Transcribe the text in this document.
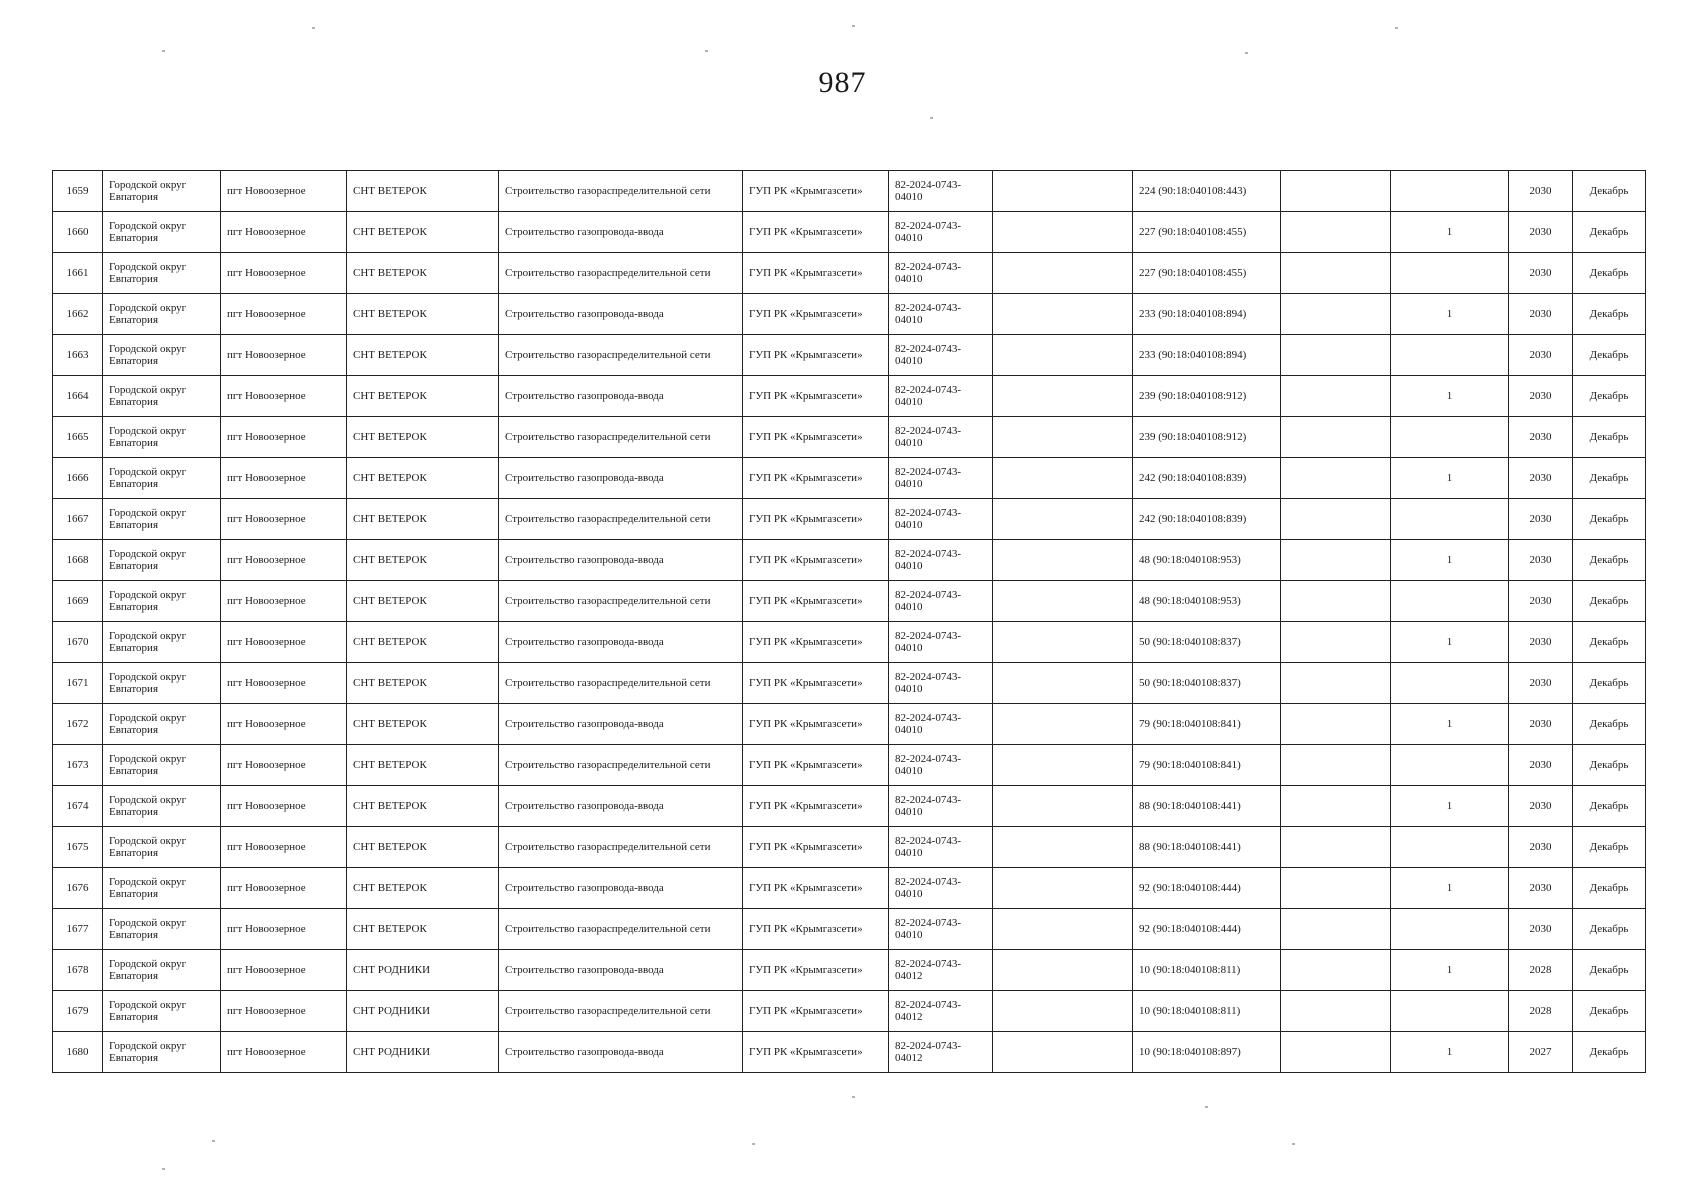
987
1659	Городской округ Евпатория	пгт Новоозерное	СНТ ВЕТЕРОК	Строительство газораспределительной сети	ГУП РК «Крымгазсети»	82-2024-0743-04010		224 (90:18:040108:443)			2030	Декабрь
1660	Городской округ Евпатория	пгт Новоозерное	СНТ ВЕТЕРОК	Строительство газопровода-ввода	ГУП РК «Крымгазсети»	82-2024-0743-04010		227 (90:18:040108:455)		1	2030	Декабрь
1661	Городской округ Евпатория	пгт Новоозерное	СНТ ВЕТЕРОК	Строительство газораспределительной сети	ГУП РК «Крымгазсети»	82-2024-0743-04010		227 (90:18:040108:455)			2030	Декабрь
1662	Городской округ Евпатория	пгт Новоозерное	СНТ ВЕТЕРОК	Строительство газопровода-ввода	ГУП РК «Крымгазсети»	82-2024-0743-04010		233 (90:18:040108:894)		1	2030	Декабрь
1663	Городской округ Евпатория	пгт Новоозерное	СНТ ВЕТЕРОК	Строительство газораспределительной сети	ГУП РК «Крымгазсети»	82-2024-0743-04010		233 (90:18:040108:894)			2030	Декабрь
1664	Городской округ Евпатория	пгт Новоозерное	СНТ ВЕТЕРОК	Строительство газопровода-ввода	ГУП РК «Крымгазсети»	82-2024-0743-04010		239 (90:18:040108:912)		1	2030	Декабрь
1665	Городской округ Евпатория	пгт Новоозерное	СНТ ВЕТЕРОК	Строительство газораспределительной сети	ГУП РК «Крымгазсети»	82-2024-0743-04010		239 (90:18:040108:912)			2030	Декабрь
1666	Городской округ Евпатория	пгт Новоозерное	СНТ ВЕТЕРОК	Строительство газопровода-ввода	ГУП РК «Крымгазсети»	82-2024-0743-04010		242 (90:18:040108:839)		1	2030	Декабрь
1667	Городской округ Евпатория	пгт Новоозерное	СНТ ВЕТЕРОК	Строительство газораспределительной сети	ГУП РК «Крымгазсети»	82-2024-0743-04010		242 (90:18:040108:839)			2030	Декабрь
1668	Городской округ Евпатория	пгт Новоозерное	СНТ ВЕТЕРОК	Строительство газопровода-ввода	ГУП РК «Крымгазсети»	82-2024-0743-04010		48 (90:18:040108:953)		1	2030	Декабрь
1669	Городской округ Евпатория	пгт Новоозерное	СНТ ВЕТЕРОК	Строительство газораспределительной сети	ГУП РК «Крымгазсети»	82-2024-0743-04010		48 (90:18:040108:953)			2030	Декабрь
1670	Городской округ Евпатория	пгт Новоозерное	СНТ ВЕТЕРОК	Строительство газопровода-ввода	ГУП РК «Крымгазсети»	82-2024-0743-04010		50 (90:18:040108:837)		1	2030	Декабрь
1671	Городской округ Евпатория	пгт Новоозерное	СНТ ВЕТЕРОК	Строительство газораспределительной сети	ГУП РК «Крымгазсети»	82-2024-0743-04010		50 (90:18:040108:837)			2030	Декабрь
1672	Городской округ Евпатория	пгт Новоозерное	СНТ ВЕТЕРОК	Строительство газопровода-ввода	ГУП РК «Крымгазсети»	82-2024-0743-04010		79 (90:18:040108:841)		1	2030	Декабрь
1673	Городской округ Евпатория	пгт Новоозерное	СНТ ВЕТЕРОК	Строительство газораспределительной сети	ГУП РК «Крымгазсети»	82-2024-0743-04010		79 (90:18:040108:841)			2030	Декабрь
1674	Городской округ Евпатория	пгт Новоозерное	СНТ ВЕТЕРОК	Строительство газопровода-ввода	ГУП РК «Крымгазсети»	82-2024-0743-04010		88 (90:18:040108:441)		1	2030	Декабрь
1675	Городской округ Евпатория	пгт Новоозерное	СНТ ВЕТЕРОК	Строительство газораспределительной сети	ГУП РК «Крымгазсети»	82-2024-0743-04010		88 (90:18:040108:441)			2030	Декабрь
1676	Городской округ Евпатория	пгт Новоозерное	СНТ ВЕТЕРОК	Строительство газопровода-ввода	ГУП РК «Крымгазсети»	82-2024-0743-04010		92 (90:18:040108:444)		1	2030	Декабрь
1677	Городской округ Евпатория	пгт Новоозерное	СНТ ВЕТЕРОК	Строительство газораспределительной сети	ГУП РК «Крымгазсети»	82-2024-0743-04010		92 (90:18:040108:444)			2030	Декабрь
1678	Городской округ Евпатория	пгт Новоозерное	СНТ РОДНИКИ	Строительство газопровода-ввода	ГУП РК «Крымгазсети»	82-2024-0743-04012		10 (90:18:040108:811)		1	2028	Декабрь
1679	Городской округ Евпатория	пгт Новоозерное	СНТ РОДНИКИ	Строительство газораспределительной сети	ГУП РК «Крымгазсети»	82-2024-0743-04012		10 (90:18:040108:811)			2028	Декабрь
1680	Городской округ Евпатория	пгт Новоозерное	СНТ РОДНИКИ	Строительство газопровода-ввода	ГУП РК «Крымгазсети»	82-2024-0743-04012		10 (90:18:040108:897)		1	2027	Декабрь
